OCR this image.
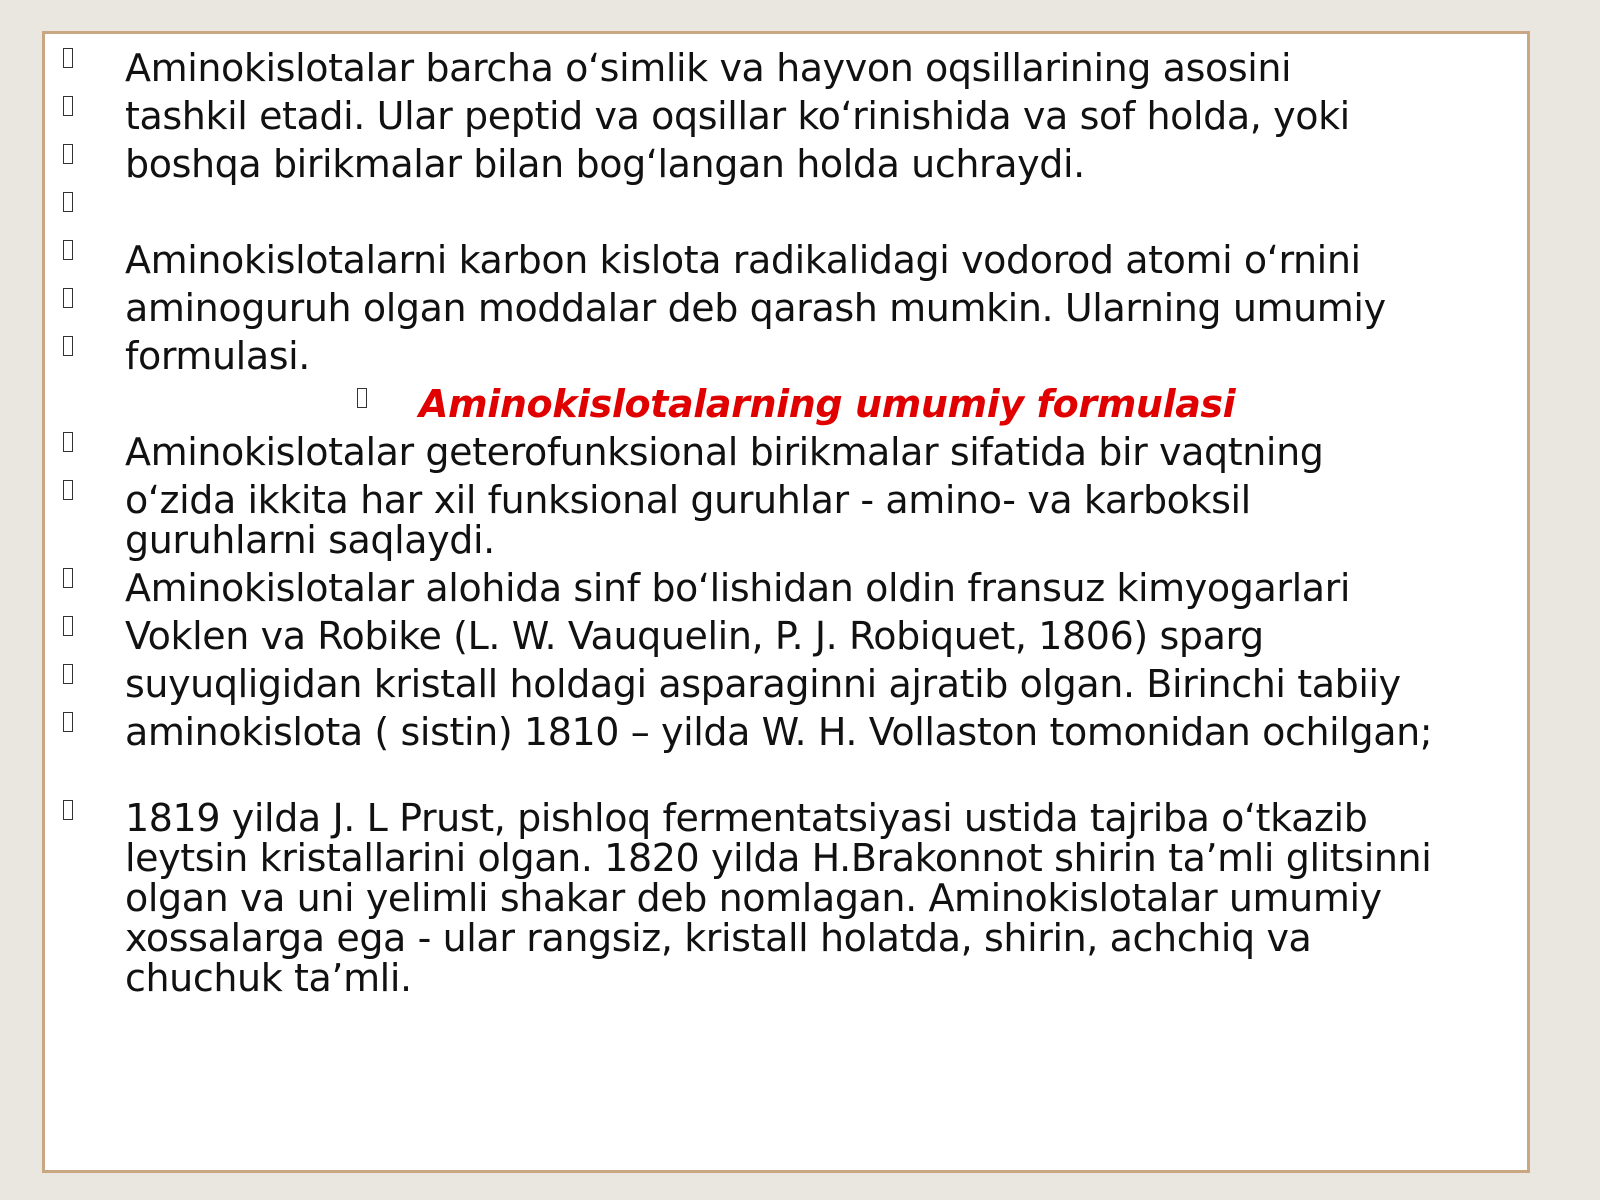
Aminokislotalar barcha o‘simlik va hayvon oqsillarining asosini
tashkil etadi. Ular peptid va oqsillar ko‘rinishida va sof holda, yoki
boshqa birikmalar bilan bog‘langan holda uchraydi.
Aminokislotalarni karbon kislota radikalidagi vodorod atomi o‘rnini
aminoguruh olgan moddalar deb qarash mumkin. Ularning umumiy
formulasi.
Aminokislotalarning umumiy formulasi
Aminokislotalar geterofunksional birikmalar sifatida bir vaqtning
o‘zida ikkita har xil funksional guruhlar - amino- va karboksil
guruhlarni saqlaydi.
Aminokislotalar alohida sinf bo‘lishidan oldin fransuz kimyogarlari
Voklen va Robike (L. W. Vauquelin, P. J. Robiquet, 1806) sparg
suyuqligidan kristall holdagi asparaginni ajratib olgan. Birinchi tabiiy
aminokislota ( sistin) 1810 – yilda W. H. Vollaston tomonidan ochilgan;
1819 yilda J. L Prust, pishloq fermentatsiyasi ustida tajriba o‘tkazib
leytsin kristallarini olgan. 1820 yilda H.Brakonnot shirin ta’mli glitsinni
olgan va uni yelimli shakar deb nomlagan. Aminokislotalar umumiy
xossalarga ega - ular rangsiz, kristall holatda, shirin, achchiq va
chuchuk ta’mli.
